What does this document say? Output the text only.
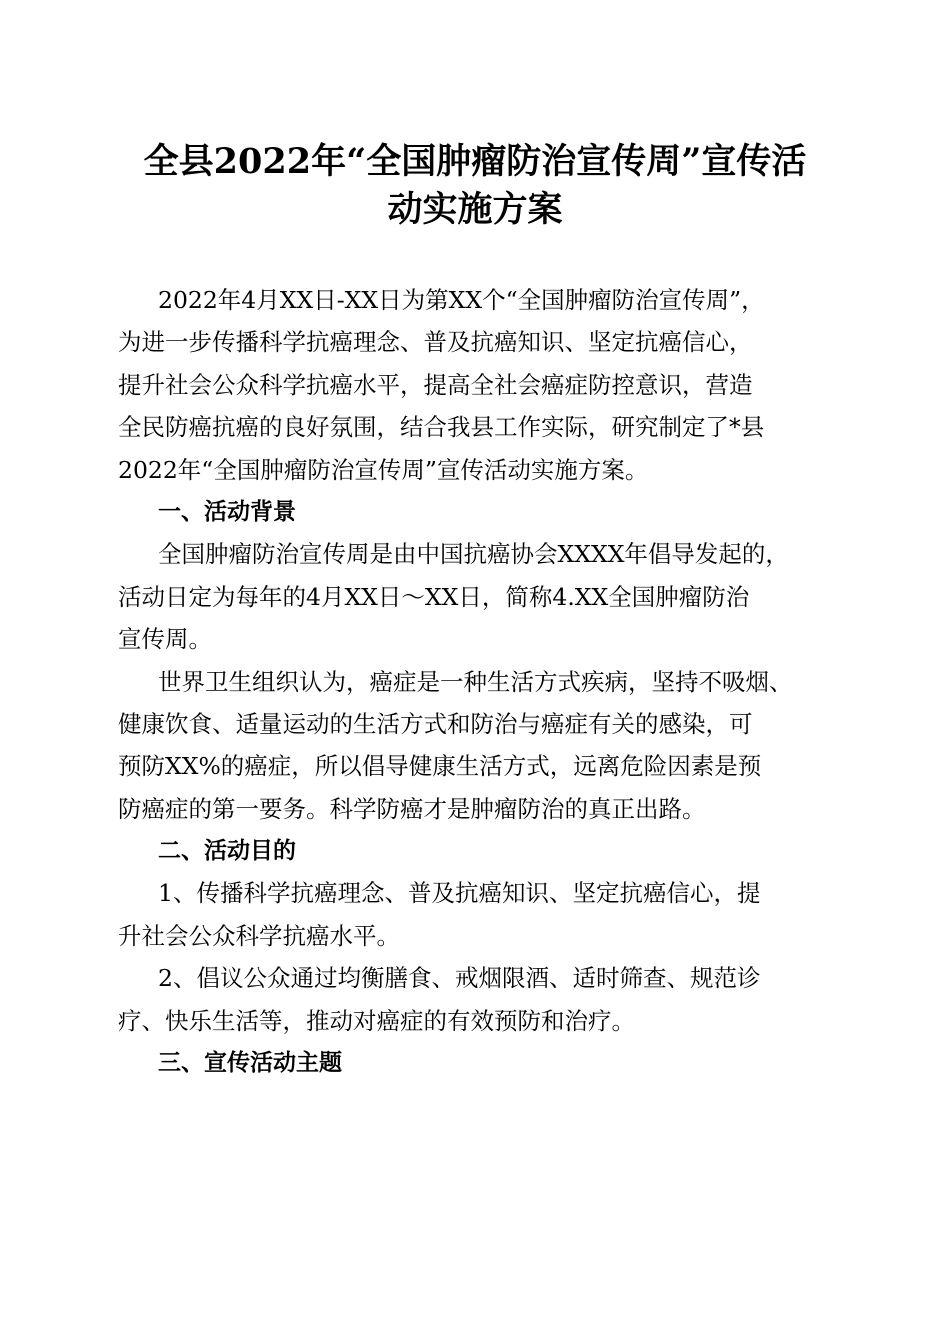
全县2022年“全国肿瘤防治宣传周”宣传活
动实施方案
2022年4月XX日-XX日为第XX个“全国肿瘤防治宣传周”，
为进一步传播科学抗癌理念、普及抗癌知识、坚定抗癌信心，
提升社会公众科学抗癌水平，提高全社会癌症防控意识，营造
全民防癌抗癌的良好氛围，结合我县工作实际，研究制定了*县
2022年“全国肿瘤防治宣传周”宣传活动实施方案。
一、活动背景
全国肿瘤防治宣传周是由中国抗癌协会XXXX年倡导发起的，
活动日定为每年的4月XX日～XX日，简称4.XX全国肿瘤防治
宣传周。
世界卫生组织认为，癌症是一种生活方式疾病，坚持不吸烟、
健康饮食、适量运动的生活方式和防治与癌症有关的感染，可
预防XX%的癌症，所以倡导健康生活方式，远离危险因素是预
防癌症的第一要务。科学防癌才是肿瘤防治的真正出路。
二、活动目的
1、传播科学抗癌理念、普及抗癌知识、坚定抗癌信心，提
升社会公众科学抗癌水平。
2、倡议公众通过均衡膳食、戒烟限酒、适时筛查、规范诊
疗、快乐生活等，推动对癌症的有效预防和治疗。
三、宣传活动主题
